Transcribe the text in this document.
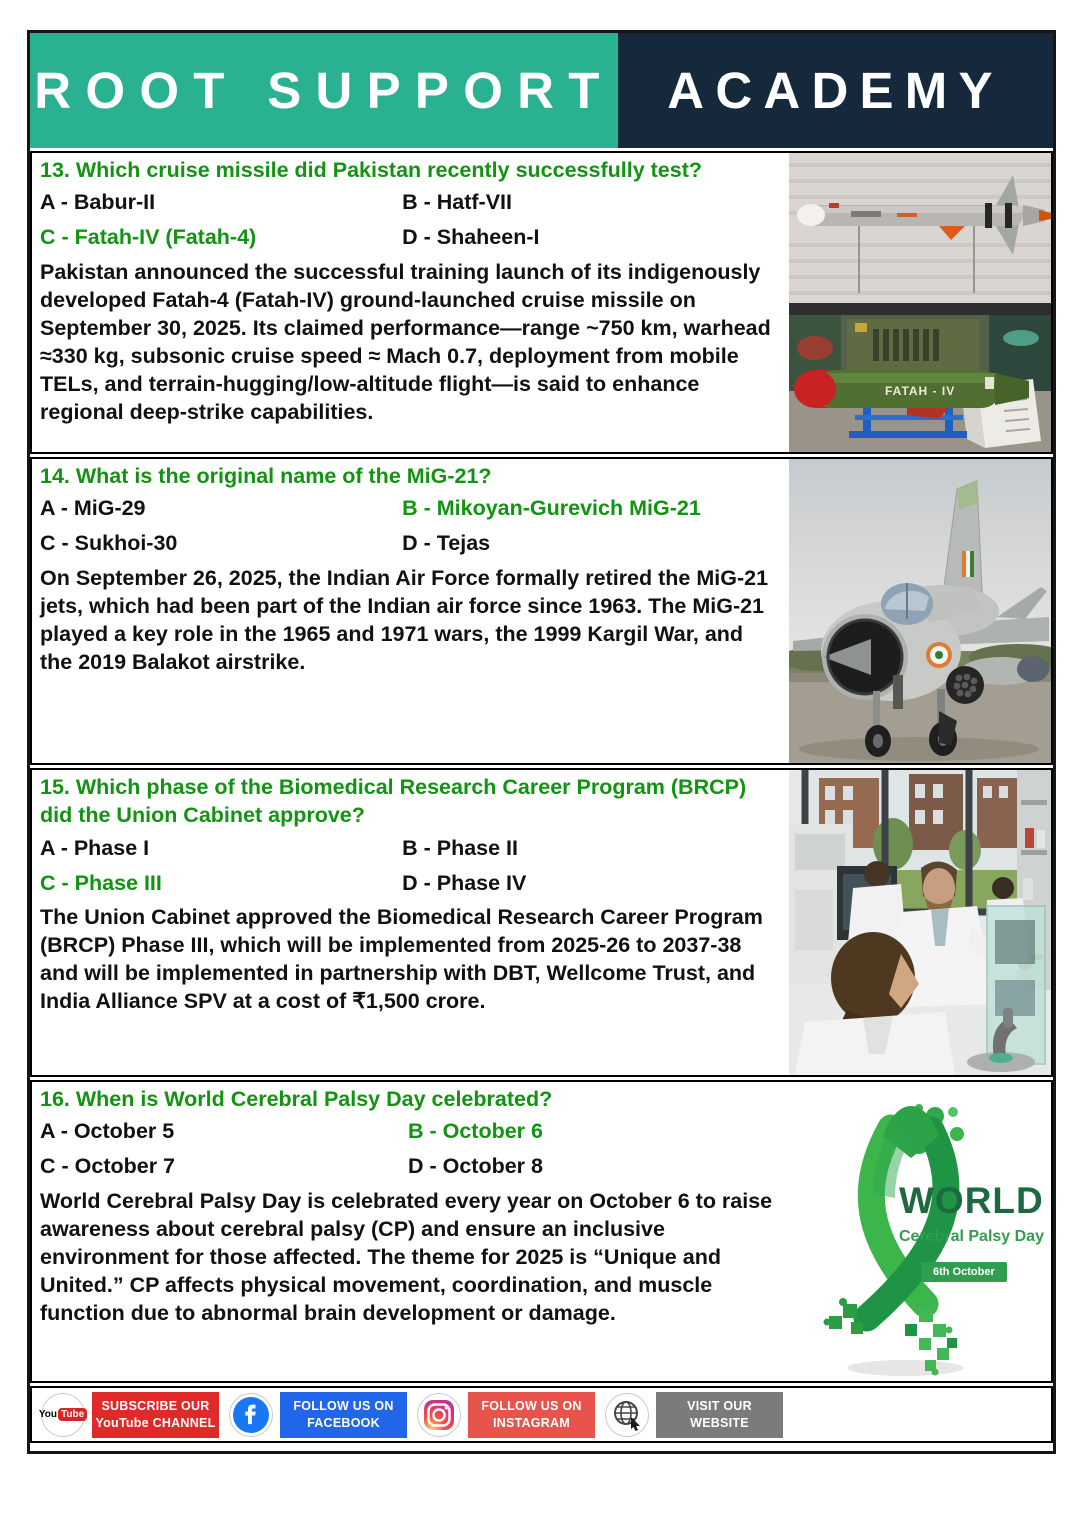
ROOT SUPPORT ACADEMY
13. Which cruise missile did Pakistan recently successfully test?
A - Babur-II	B - Hatf-VII
C - Fatah-IV (Fatah-4)	D - Shaheen-I
Pakistan announced the successful training launch of its indigenously developed Fatah-4 (Fatah-IV) ground-launched cruise missile on September 30, 2025. Its claimed performance—range ~750 km, warhead ≈330 kg, subsonic cruise speed ≈ Mach 0.7, deployment from mobile TELs, and terrain-hugging/low-altitude flight—is said to enhance regional deep-strike capabilities.
FATAH - IV
14. What is the original name of the MiG-21?
A - MiG-29	B - Mikoyan-Gurevich MiG-21
C - Sukhoi-30	D - Tejas
On September 26, 2025, the Indian Air Force formally retired the MiG-21 jets, which had been part of the Indian air force since 1963. The MiG-21 played a key role in the 1965 and 1971 wars, the 1999 Kargil War, and the 2019 Balakot airstrike.
15. Which phase of the Biomedical Research Career Program (BRCP) did the Union Cabinet approve?
A - Phase I	B - Phase II
C - Phase III	D - Phase IV
The Union Cabinet approved the Biomedical Research Career Program (BRCP) Phase III, which will be implemented from 2025-26 to 2037-38 and will be implemented in partnership with DBT, Wellcome Trust, and India Alliance SPV at a cost of ₹1,500 crore.
16. When is World Cerebral Palsy Day celebrated?
A - October 5	B - October 6
C - October 7	D - October 8
World Cerebral Palsy Day is celebrated every year on October 6 to raise awareness about cerebral palsy (CP) and ensure an inclusive environment for those affected. The theme for 2025 is “Unique and United.” CP affects physical movement, coordination, and muscle function due to abnormal brain development or damage.
WORLD
Cerebral Palsy Day
6th October
You Tube
SUBSCRIBE OUR
YouTube CHANNEL
FOLLOW US ON
FACEBOOK
FOLLOW US ON
INSTAGRAM
VISIT OUR
WEBSITE
